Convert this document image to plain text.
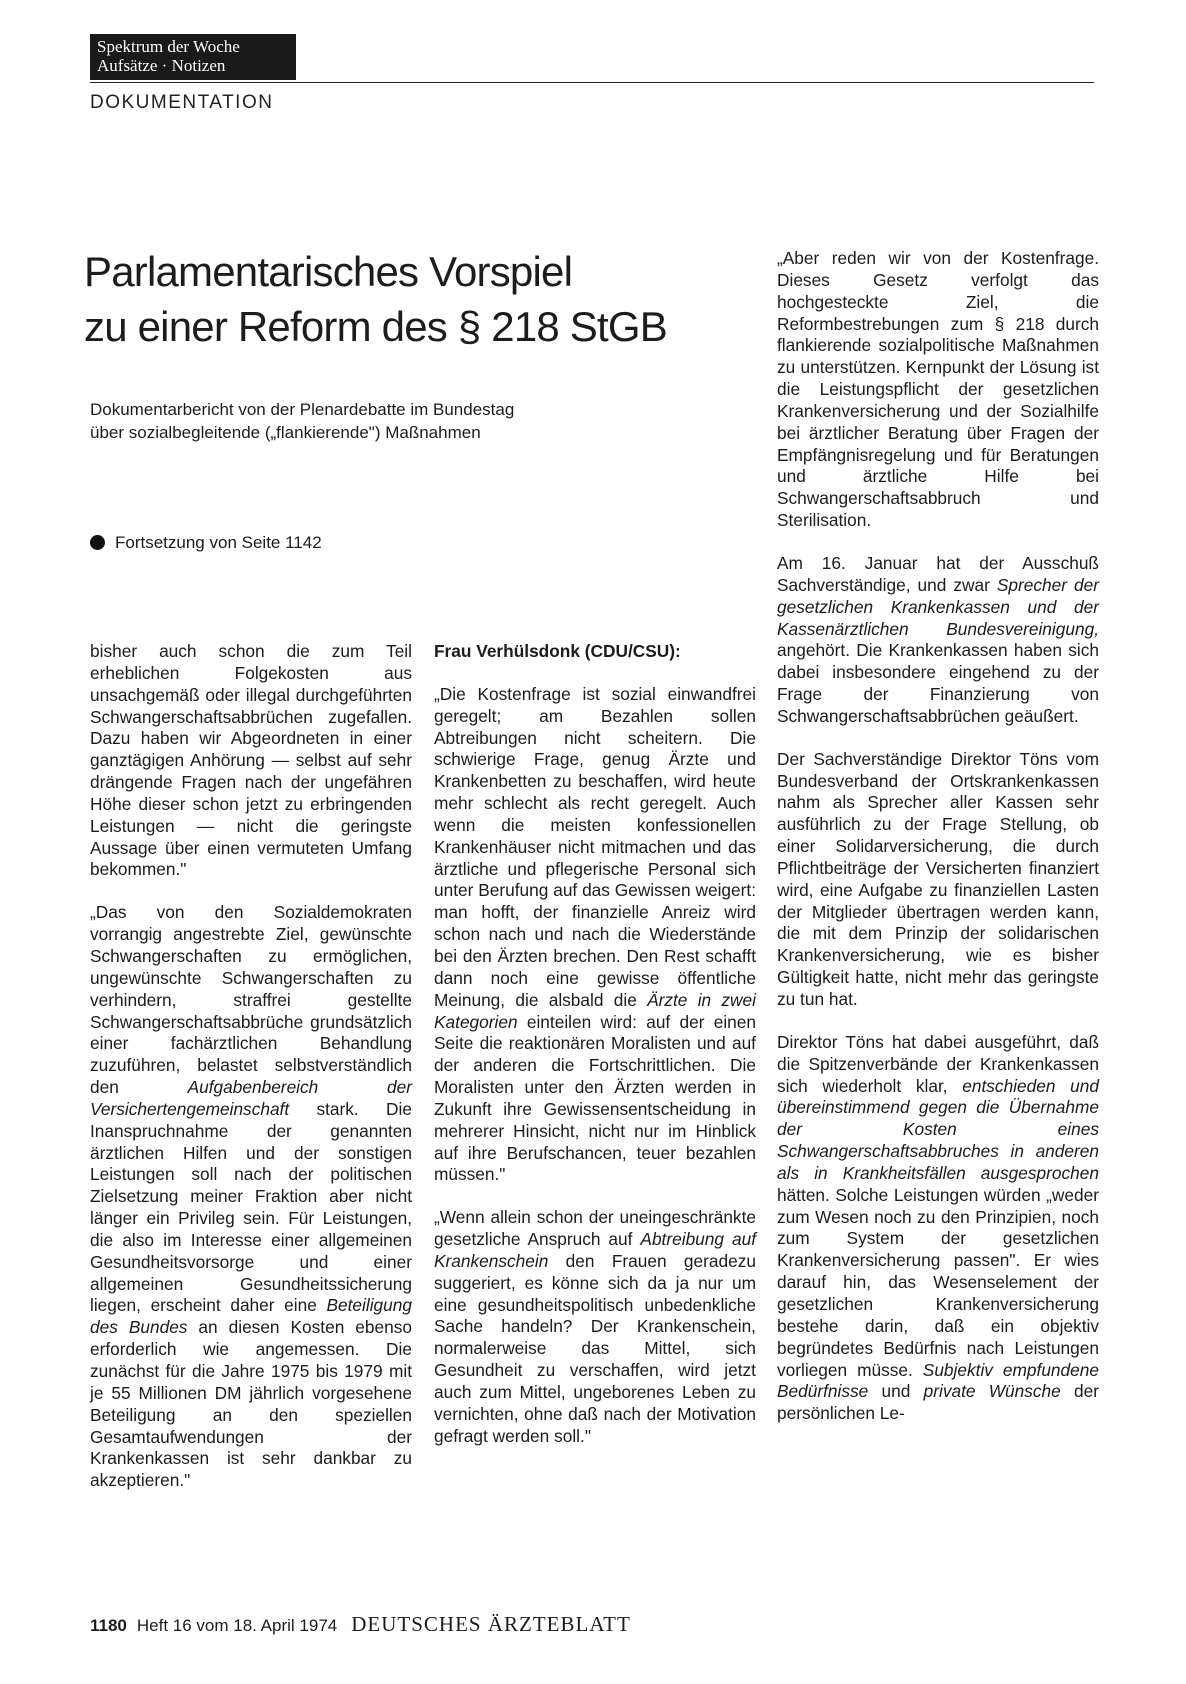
Spektrum der Woche
Aufsätze · Notizen
DOKUMENTATION
Parlamentarisches Vorspiel
zu einer Reform des § 218 StGB
Dokumentarbericht von der Plenardebatte im Bundestag
über sozialbegleitende („flankierende") Maßnahmen
Fortsetzung von Seite 1142

bisher auch schon die zum Teil erheblichen Folgekosten aus unsachgemäß oder illegal durchgeführten Schwangerschaftsabbrüchen zugefallen. Dazu haben wir Abgeordneten in einer ganztägigen Anhörung — selbst auf sehr drängende Fragen nach der ungefähren Höhe dieser schon jetzt zu erbringenden Leistungen — nicht die geringste Aussage über einen vermuteten Umfang bekommen."

„Das von den Sozialdemokraten vorrangig angestrebte Ziel, gewünschte Schwangerschaften zu ermöglichen, ungewünschte Schwangerschaften zu verhindern, straffrei gestellte Schwangerschaftsabbrüche grundsätzlich einer fachärztlichen Behandlung zuzuführen, belastet selbstverständlich den Aufgabenbereich der Versichertengemeinschaft stark. Die Inanspruchnahme der genannten ärztlichen Hilfen und der sonstigen Leistungen soll nach der politischen Zielsetzung meiner Fraktion aber nicht länger ein Privileg sein. Für Leistungen, die also im Interesse einer allgemeinen Gesundheitsvorsorge und einer allgemeinen Gesundheitssicherung liegen, erscheint daher eine Beteiligung des Bundes an diesen Kosten ebenso erforderlich wie angemessen. Die zunächst für die Jahre 1975 bis 1979 mit je 55 Millionen DM jährlich vorgesehene Beteiligung an den speziellen Gesamtaufwendungen der Krankenkassen ist sehr dankbar zu akzeptieren."

Frau Verhülsdonk (CDU/CSU):

„Die Kostenfrage ist sozial einwandfrei geregelt; am Bezahlen sollen Abtreibungen nicht scheitern. Die schwierige Frage, genug Ärzte und Krankenbetten zu beschaffen, wird heute mehr schlecht als recht geregelt. Auch wenn die meisten konfessionellen Krankenhäuser nicht mitmachen und das ärztliche und pflegerische Personal sich unter Berufung auf das Gewissen weigert: man hofft, der finanzielle Anreiz wird schon nach und nach die Wiederstände bei den Ärzten brechen. Den Rest schafft dann noch eine gewisse öffentliche Meinung, die alsbald die Ärzte in zwei Kategorien einteilen wird: auf der einen Seite die reaktionären Moralisten und auf der anderen die Fortschrittlichen. Die Moralisten unter den Ärzten werden in Zukunft ihre Gewissensentscheidung in mehrerer Hinsicht, nicht nur im Hinblick auf ihre Berufschancen, teuer bezahlen müssen."

„Wenn allein schon der uneingeschränkte gesetzliche Anspruch auf Abtreibung auf Krankenschein den Frauen geradezu suggeriert, es könne sich da ja nur um eine gesundheitspolitisch unbedenkliche Sache handeln? Der Krankenschein, normalerweise das Mittel, sich Gesundheit zu verschaffen, wird jetzt auch zum Mittel, ungeborenes Leben zu vernichten, ohne daß nach der Motivation gefragt werden soll."

„Aber reden wir von der Kostenfrage. Dieses Gesetz verfolgt das hochgesteckte Ziel, die Reformbestrebungen zum § 218 durch flankierende sozialpolitische Maßnahmen zu unterstützen. Kernpunkt der Lösung ist die Leistungspflicht der gesetzlichen Krankenversicherung und der Sozialhilfe bei ärztlicher Beratung über Fragen der Empfängnisregelung und für Beratungen und ärztliche Hilfe bei Schwangerschaftsabbruch und Sterilisation.

Am 16. Januar hat der Ausschuß Sachverständige, und zwar Sprecher der gesetzlichen Krankenkassen und der Kassenärztlichen Bundesvereinigung, angehört. Die Krankenkassen haben sich dabei insbesondere eingehend zu der Frage der Finanzierung von Schwangerschaftsabbrüchen geäußert.

Der Sachverständige Direktor Töns vom Bundesverband der Ortskrankenkassen nahm als Sprecher aller Kassen sehr ausführlich zu der Frage Stellung, ob einer Solidarversicherung, die durch Pflichtbeiträge der Versicherten finanziert wird, eine Aufgabe zu finanziellen Lasten der Mitglieder übertragen werden kann, die mit dem Prinzip der solidarischen Krankenversicherung, wie es bisher Gültigkeit hatte, nicht mehr das geringste zu tun hat.

Direktor Töns hat dabei ausgeführt, daß die Spitzenverbände der Krankenkassen sich wiederholt klar, entschieden und übereinstimmend gegen die Übernahme der Kosten eines Schwangerschaftsabbruches in anderen als in Krankheitsfällen ausgesprochen hätten. Solche Leistungen würden „weder zum Wesen noch zu den Prinzipien, noch zum System der gesetzlichen Krankenversicherung passen". Er wies darauf hin, das Wesenselement der gesetzlichen Krankenversicherung bestehe darin, daß ein objektiv begründetes Bedürfnis nach Leistungen vorliegen müsse. Subjektiv empfundene Bedürfnisse und private Wünsche der persönlichen Le-

1180 Heft 16 vom 18. April 1974 DEUTSCHES ÄRZTEBLATT
